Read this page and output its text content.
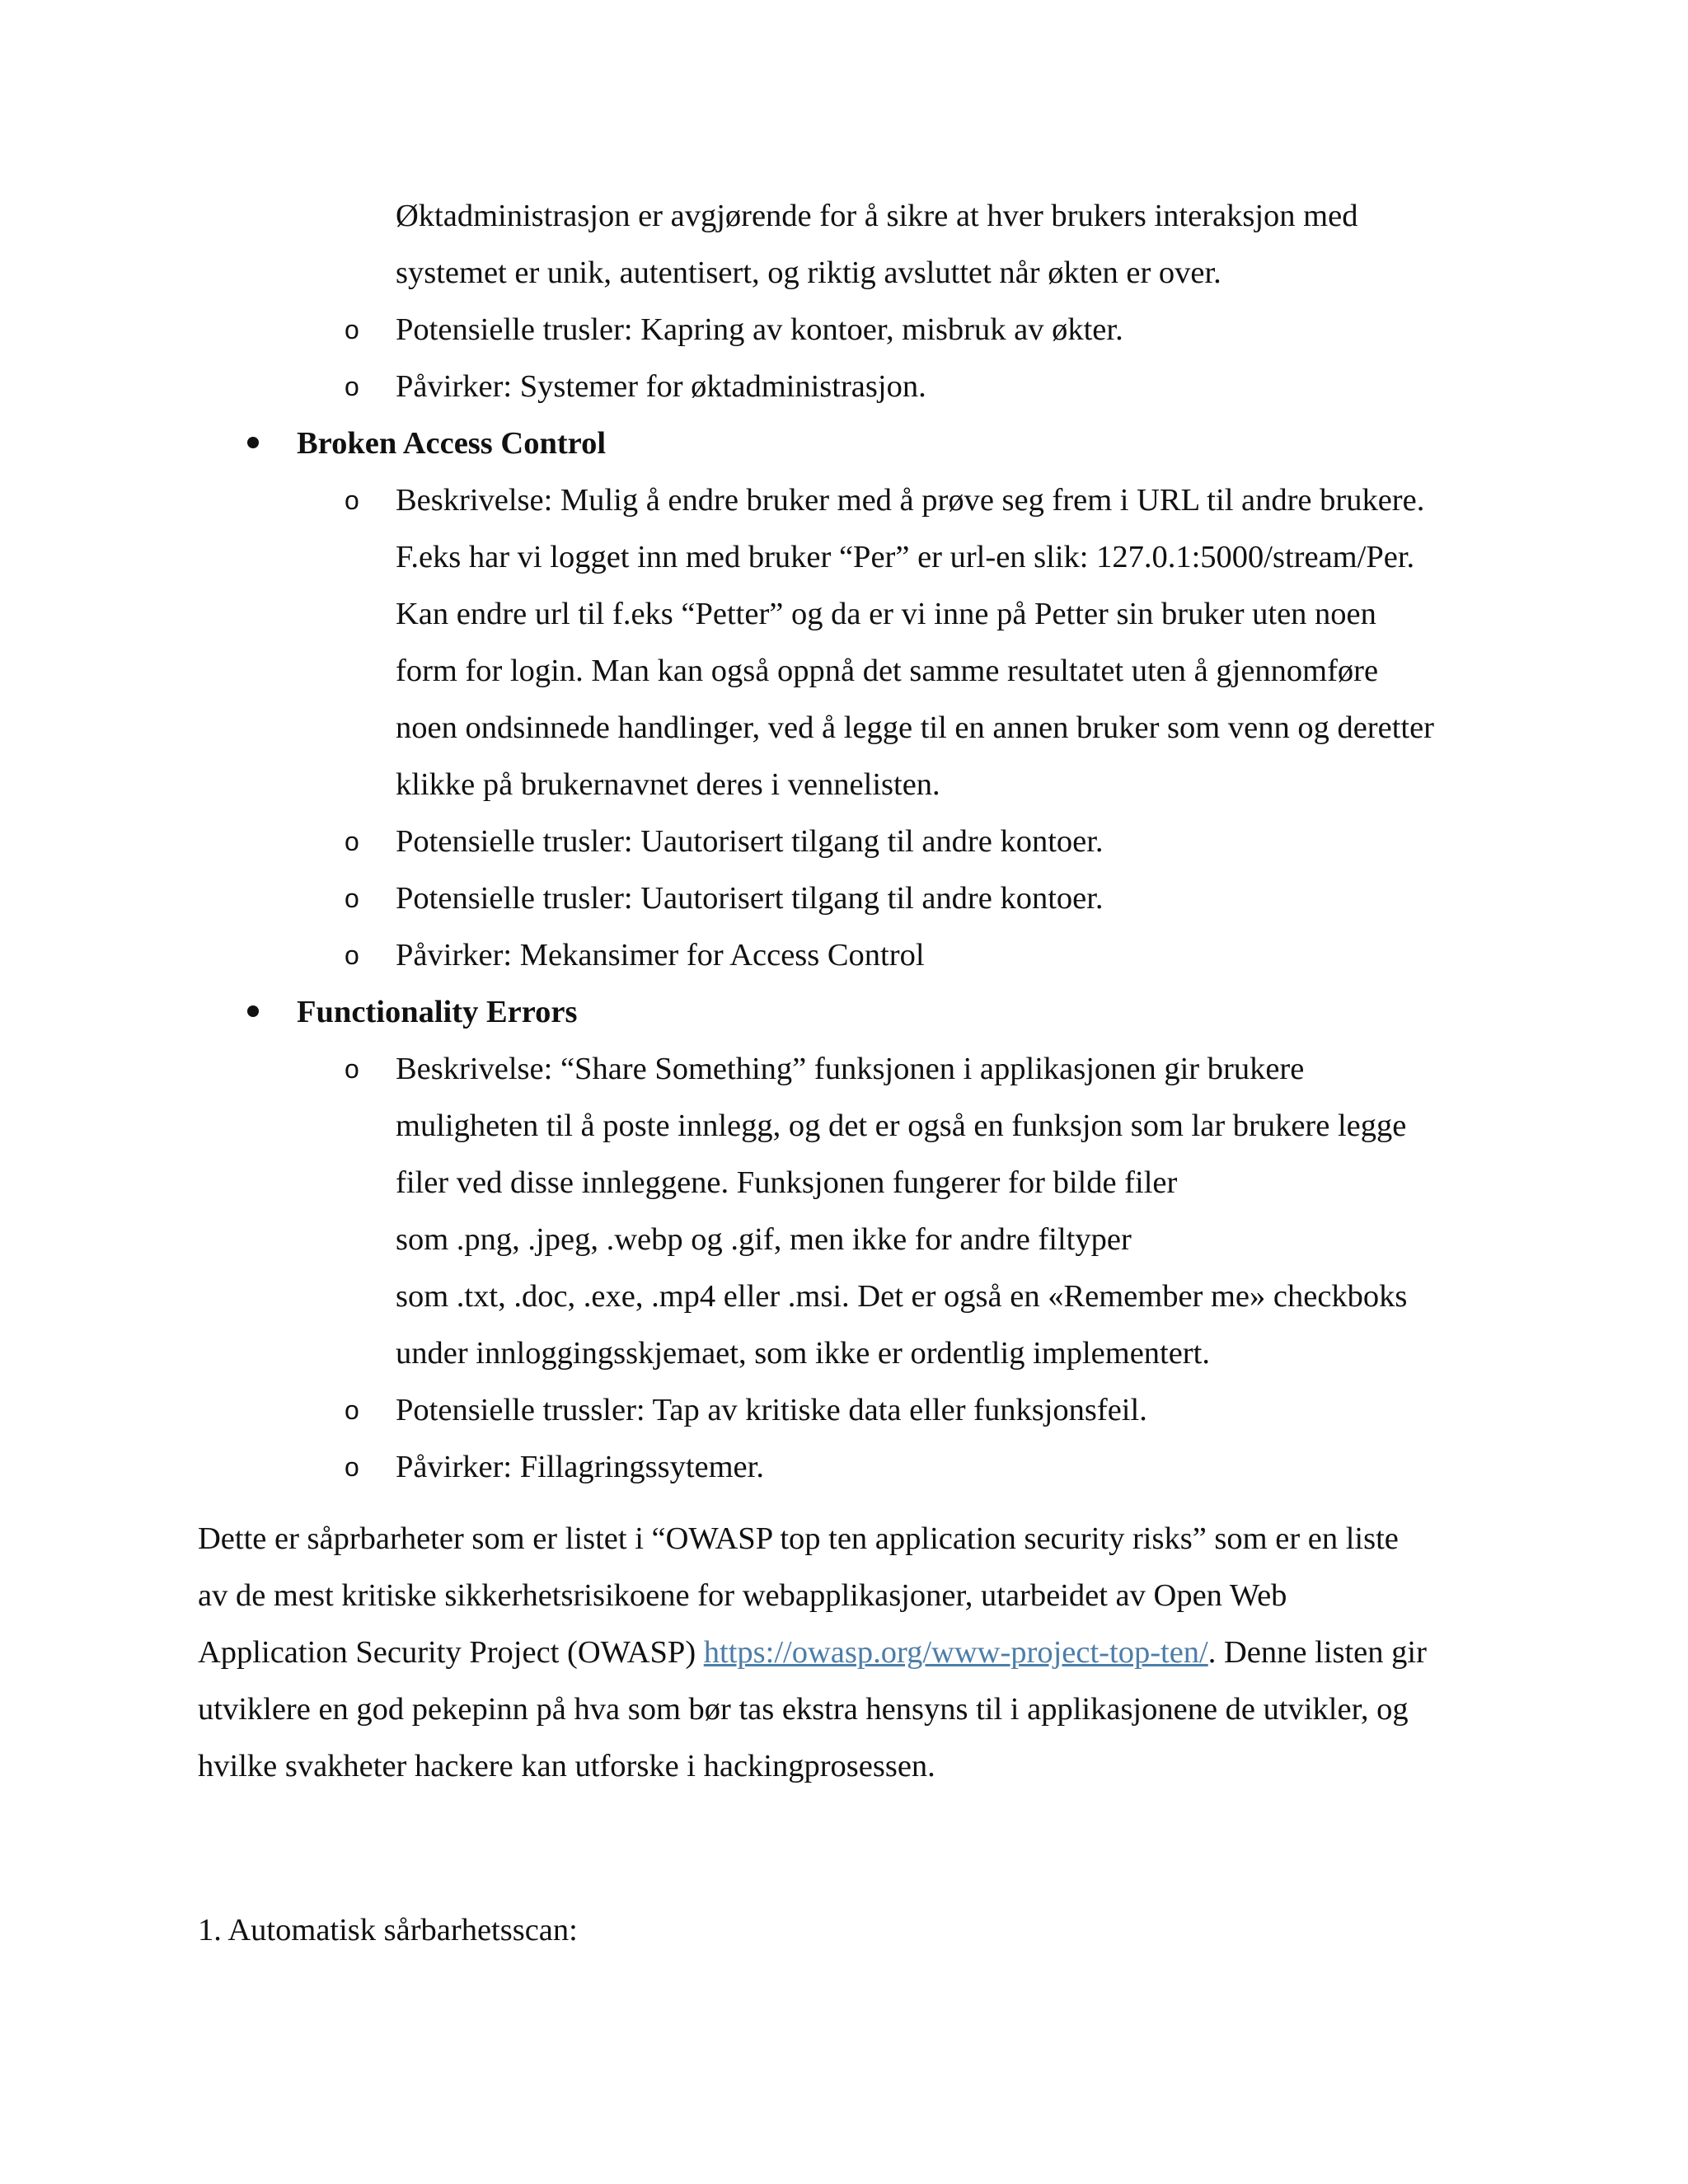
Øktadministrasjon er avgjørende for å sikre at hver brukers interaksjon med
systemet er unik, autentisert, og riktig avsluttet når økten er over.
o Potensielle trusler: Kapring av kontoer, misbruk av økter.
o Påvirker: Systemer for øktadministrasjon.
Broken Access Control
o Beskrivelse: Mulig å endre bruker med å prøve seg frem i URL til andre brukere.
F.eks har vi logget inn med bruker “Per” er url-en slik: 127.0.1:5000/stream/Per.
Kan endre url til f.eks “Petter” og da er vi inne på Petter sin bruker uten noen
form for login. Man kan også oppnå det samme resultatet uten å gjennomføre
noen ondsinnede handlinger, ved å legge til en annen bruker som venn og deretter
klikke på brukernavnet deres i vennelisten.
o Potensielle trusler: Uautorisert tilgang til andre kontoer.
o Potensielle trusler: Uautorisert tilgang til andre kontoer.
o Påvirker: Mekansimer for Access Control
Functionality Errors
o Beskrivelse: “Share Something” funksjonen i applikasjonen gir brukere
muligheten til å poste innlegg, og det er også en funksjon som lar brukere legge
filer ved disse innleggene. Funksjonen fungerer for bilde filer
som .png, .jpeg, .webp og .gif, men ikke for andre filtyper
som .txt, .doc, .exe, .mp4 eller .msi. Det er også en «Remember me» checkboks
under innloggingsskjemaet, som ikke er ordentlig implementert.
o Potensielle trussler: Tap av kritiske data eller funksjonsfeil.
o Påvirker: Fillagringssytemer.
Dette er såprbarheter som er listet i “OWASP top ten application security risks” som er en liste
av de mest kritiske sikkerhetsrisikoene for webapplikasjoner, utarbeidet av Open Web
Application Security Project (OWASP) https://owasp.org/www-project-top-ten/. Denne listen gir
utviklere en god pekepinn på hva som bør tas ekstra hensyns til i applikasjonene de utvikler, og
hvilke svakheter hackere kan utforske i hackingprosessen.
1. Automatisk sårbarhetsscan:
